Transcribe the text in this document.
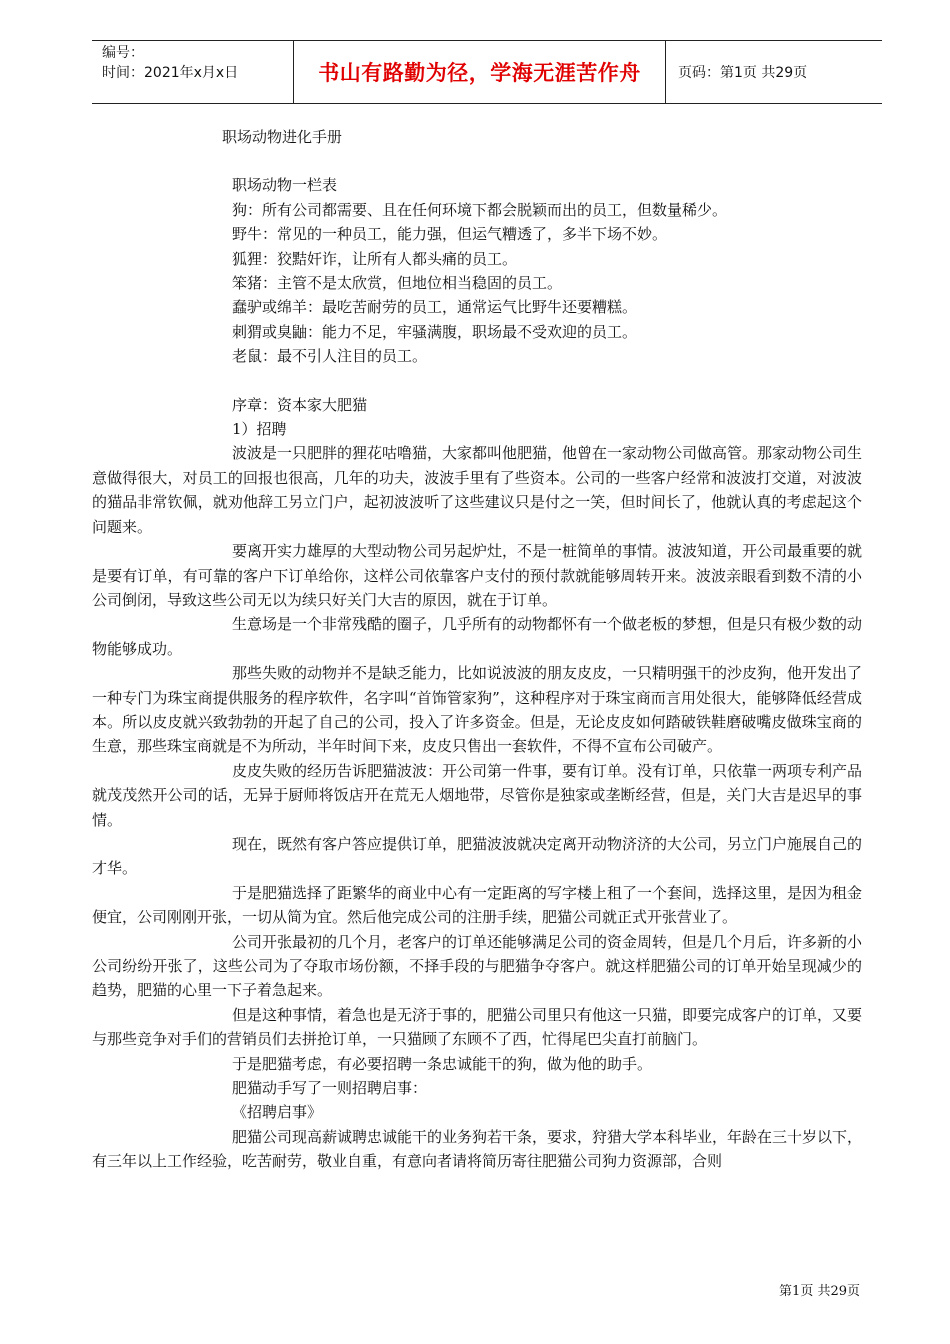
编号：
时间：2021年x月x日	书山有路勤为径，学海无涯苦作舟	页码：第1页 共29页

职场动物进化手册

职场动物一栏表

狗：所有公司都需要、且在任何环境下都会脱颖而出的员工，但数量稀少。

野牛：常见的一种员工，能力强，但运气糟透了，多半下场不妙。

狐狸：狡黠奸诈，让所有人都头痛的员工。

笨猪：主管不是太欣赏，但地位相当稳固的员工。

蠢驴或绵羊：最吃苦耐劳的员工，通常运气比野牛还要糟糕。

刺猬或臭鼬：能力不足，牢骚满腹，职场最不受欢迎的员工。

老鼠：最不引人注目的员工。

序章：资本家大肥猫

1）招聘

波波是一只肥胖的狸花咕噜猫，大家都叫他肥猫，他曾在一家动物公司做高管。那家动物公司生意做得很大，对员工的回报也很高，几年的功夫，波波手里有了些资本。公司的一些客户经常和波波打交道，对波波的猫品非常钦佩，就劝他辞工另立门户，起初波波听了这些建议只是付之一笑，但时间长了，他就认真的考虑起这个问题来。

要离开实力雄厚的大型动物公司另起炉灶，不是一桩简单的事情。波波知道，开公司最重要的就是要有订单，有可靠的客户下订单给你，这样公司依靠客户支付的预付款就能够周转开来。波波亲眼看到数不清的小公司倒闭，导致这些公司无以为续只好关门大吉的原因，就在于订单。

生意场是一个非常残酷的圈子，几乎所有的动物都怀有一个做老板的梦想，但是只有极少数的动物能够成功。

那些失败的动物并不是缺乏能力，比如说波波的朋友皮皮，一只精明强干的沙皮狗，他开发出了一种专门为珠宝商提供服务的程序软件，名字叫“首饰管家狗”，这种程序对于珠宝商而言用处很大，能够降低经营成本。所以皮皮就兴致勃勃的开起了自己的公司，投入了许多资金。但是，无论皮皮如何踏破铁鞋磨破嘴皮做珠宝商的生意，那些珠宝商就是不为所动，半年时间下来，皮皮只售出一套软件，不得不宣布公司破产。

皮皮失败的经历告诉肥猫波波：开公司第一件事，要有订单。没有订单，只依靠一两项专利产品就茂茂然开公司的话，无异于厨师将饭店开在荒无人烟地带，尽管你是独家或垄断经营，但是，关门大吉是迟早的事情。

现在，既然有客户答应提供订单，肥猫波波就决定离开动物济济的大公司，另立门户施展自己的才华。

于是肥猫选择了距繁华的商业中心有一定距离的写字楼上租了一个套间，选择这里，是因为租金便宜，公司刚刚开张，一切从简为宜。然后他完成公司的注册手续，肥猫公司就正式开张营业了。

公司开张最初的几个月，老客户的订单还能够满足公司的资金周转，但是几个月后，许多新的小公司纷纷开张了，这些公司为了夺取市场份额，不择手段的与肥猫争夺客户。就这样肥猫公司的订单开始呈现减少的趋势，肥猫的心里一下子着急起来。

但是这种事情，着急也是无济于事的，肥猫公司里只有他这一只猫，即要完成客户的订单，又要与那些竞争对手们的营销员们去拼抢订单，一只猫顾了东顾不了西，忙得尾巴尖直打前脑门。

于是肥猫考虑，有必要招聘一条忠诚能干的狗，做为他的助手。

肥猫动手写了一则招聘启事：

《招聘启事》

肥猫公司现高薪诚聘忠诚能干的业务狗若干条，要求，狩猎大学本科毕业，年龄在三十岁以下，有三年以上工作经验，吃苦耐劳，敬业自重，有意向者请将简历寄往肥猫公司狗力资源部，合则

第1页 共29页
